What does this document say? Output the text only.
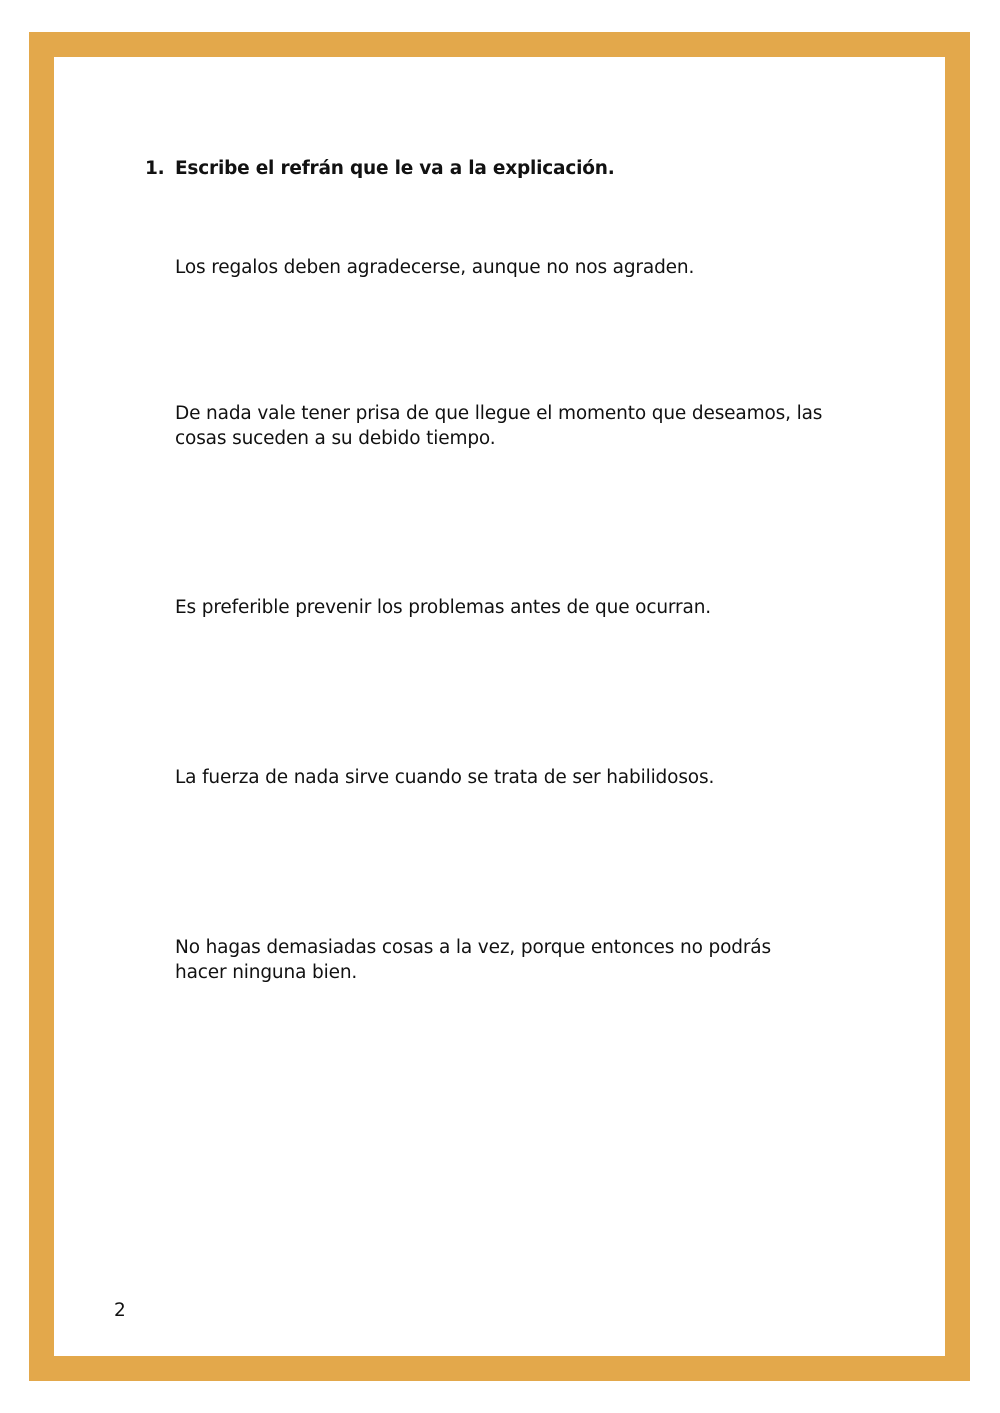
1. Escribe el refrán que le va a la explicación.
Los regalos deben agradecerse, aunque no nos agraden.
De nada vale tener prisa de que llegue el momento que deseamos, las cosas suceden a su debido tiempo.
Es preferible prevenir los problemas antes de que ocurran.
La fuerza de nada sirve cuando se trata de ser habilidosos.
No hagas demasiadas cosas a la vez, porque entonces no podrás hacer ninguna bien.
2
